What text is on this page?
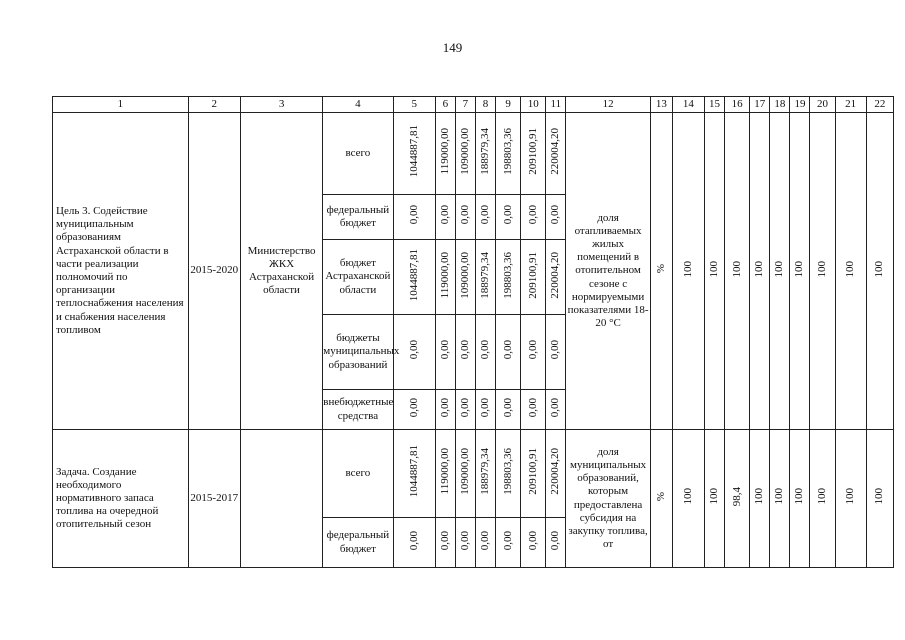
149
1	2	3	4	5	6	7	8	9	10	11	12	13	14	15	16	17	18	19	20	21	22

Цель 3. Содействие муниципальным образованиям Астраханской области в части реализации полномочий по организации теплоснабжения населения и снабжения населения топливом	2015-2020	Министерство ЖКХ Астраханской области	всего	1044887,81	119000,00	109000,00	188979,34	198803,36	209100,91	220004,20	доля отапливаемых жилых помещений в отопительном сезоне с нормируемыми показателями 18-20 °С	%	100	100	100	100	100	100	100	100	100
			федеральный бюджет	0,00	0,00	0,00	0,00	0,00	0,00	0,00											
			бюджет Астраханской области	1044887,81	119000,00	109000,00	188979,34	198803,36	209100,91	220004,20											
			бюджеты муниципальных образований	0,00	0,00	0,00	0,00	0,00	0,00	0,00											
			внебюджетные средства	0,00	0,00	0,00	0,00	0,00	0,00	0,00											

Задача. Создание необходимого нормативного запаса топлива на очередной отопительный сезон	2015-2017		всего	1044887,81	119000,00	109000,00	188979,34	198803,36	209100,91	220004,20	доля муниципальных образований, которым предоставлена субсидия на закупку топлива, от	%	100	100	98,4	100	100	100	100	100	100
			федеральный бюджет	0,00	0,00	0,00	0,00	0,00	0,00	0,00											
